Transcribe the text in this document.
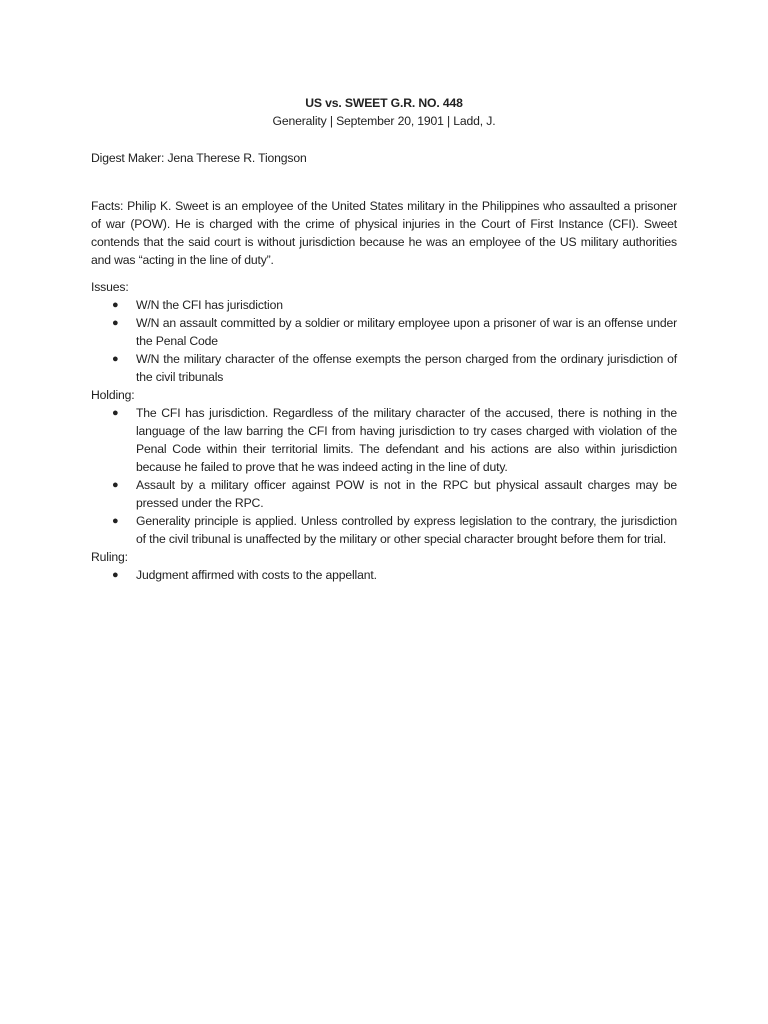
US vs. SWEET G.R. NO. 448

Generality | September 20, 1901 | Ladd, J.

Digest Maker: Jena Therese R. Tiongson

Facts: Philip K. Sweet is an employee of the United States military in the Philippines who assaulted a prisoner of war (POW). He is charged with the crime of physical injuries in the Court of First Instance (CFI). Sweet contends that the said court is without jurisdiction because he was an employee of the US military authorities and was “acting in the line of duty”.

Issues:

● W/N the CFI has jurisdiction
● W/N an assault committed by a soldier or military employee upon a prisoner of war is an offense under the Penal Code
● W/N the military character of the offense exempts the person charged from the ordinary jurisdiction of the civil tribunals

Holding:

● The CFI has jurisdiction. Regardless of the military character of the accused, there is nothing in the language of the law barring the CFI from having jurisdiction to try cases charged with violation of the Penal Code within their territorial limits. The defendant and his actions are also within jurisdiction because he failed to prove that he was indeed acting in the line of duty.
● Assault by a military officer against POW is not in the RPC but physical assault charges may be pressed under the RPC.
● Generality principle is applied. Unless controlled by express legislation to the contrary, the jurisdiction of the civil tribunal is unaffected by the military or other special character brought before them for trial.

Ruling:

● Judgment affirmed with costs to the appellant.
